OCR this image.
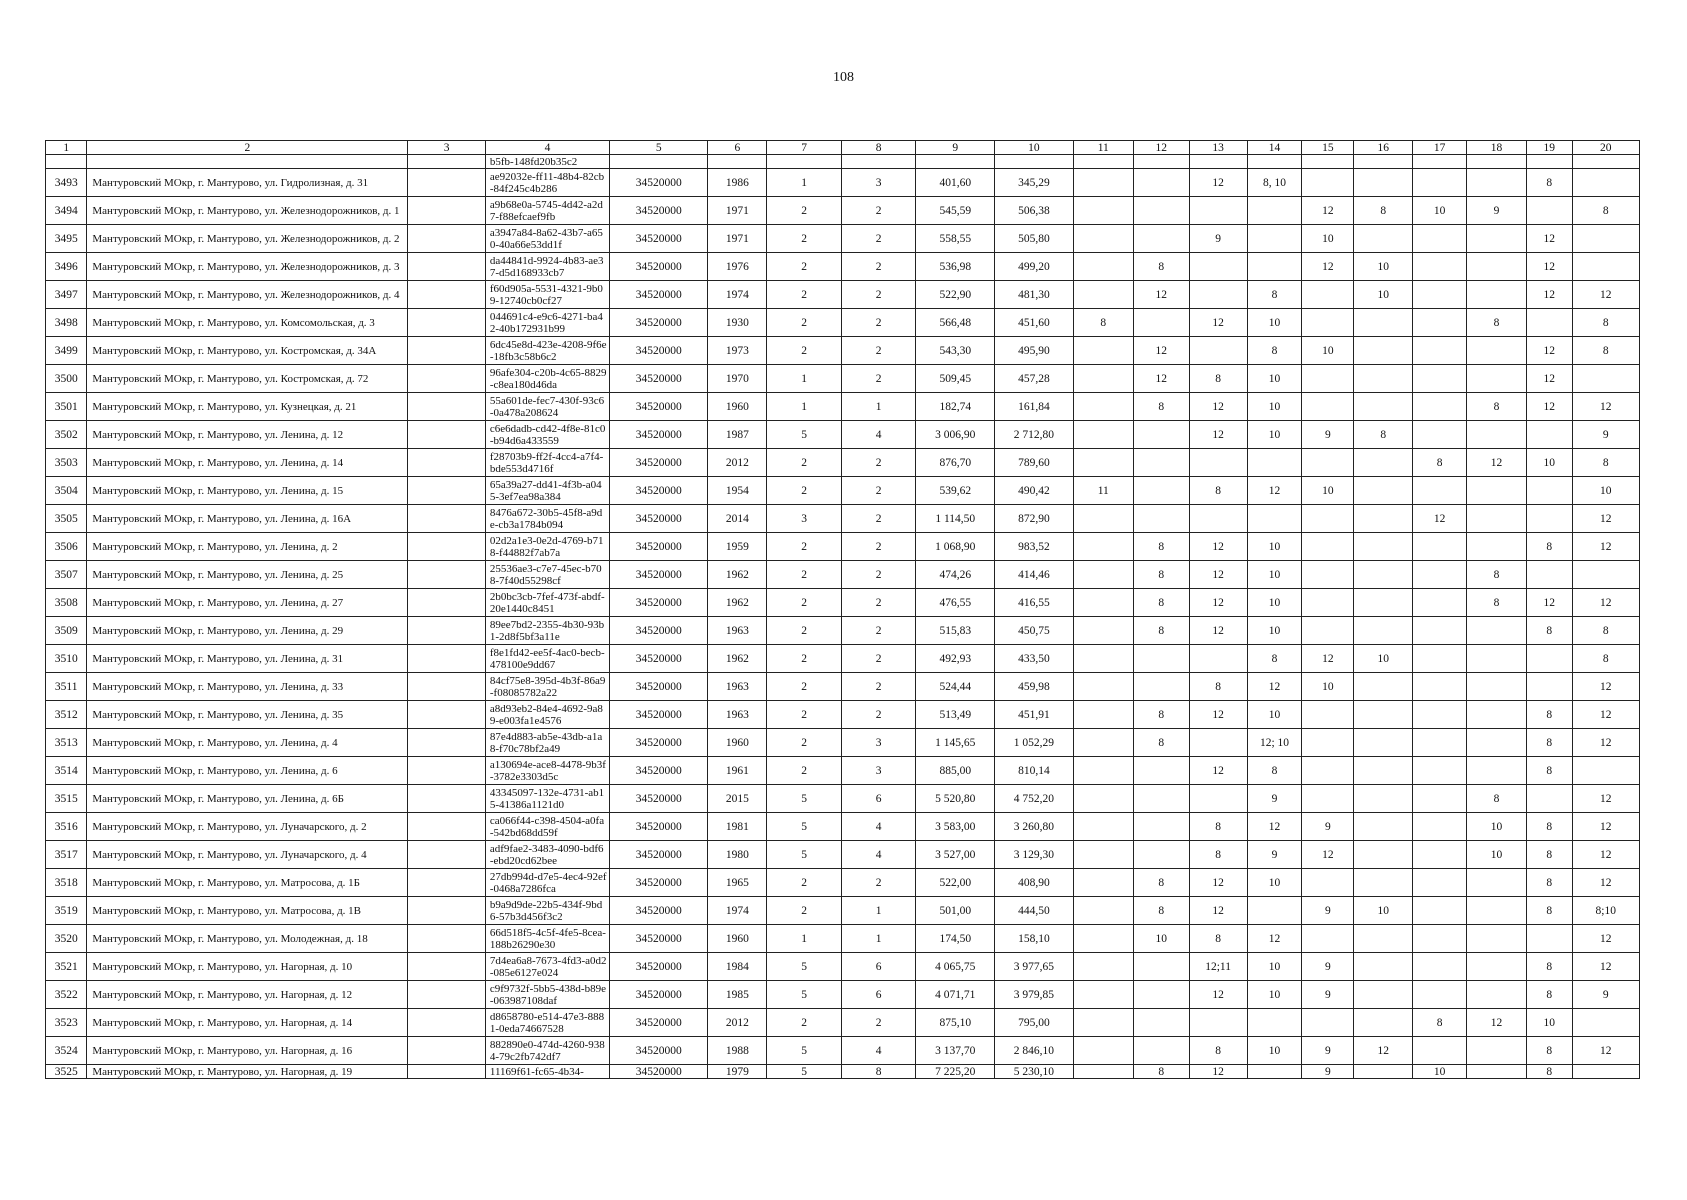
108
1	2	3	4	5	6	7	8	9	10	11	12	13	14	15	16	17	18	19	20
			b5fb-148fd20b35c2																
3493	Мантуровский МОкр, г. Мантурово, ул. Гидролизная, д. 31		ae92032e-ff11-48b4-82cb-84f245c4b286	34520000	1986	1	3	401,60	345,29			12	8, 10					8	
3494	Мантуровский МОкр, г. Мантурово, ул. Железнодорожников, д. 1		a9b68e0a-5745-4d42-a2d7-f88efcaef9fb	34520000	1971	2	2	545,59	506,38					12	8	10	9		8
3495	Мантуровский МОкр, г. Мантурово, ул. Железнодорожников, д. 2		a3947a84-8a62-43b7-a650-40a66e53dd1f	34520000	1971	2	2	558,55	505,80			9		10				12	
3496	Мантуровский МОкр, г. Мантурово, ул. Железнодорожников, д. 3		da44841d-9924-4b83-ae37-d5d168933cb7	34520000	1976	2	2	536,98	499,20		8			12	10			12	
3497	Мантуровский МОкр, г. Мантурово, ул. Железнодорожников, д. 4		f60d905a-5531-4321-9b09-12740cb0cf27	34520000	1974	2	2	522,90	481,30		12		8		10			12	12
3498	Мантуровский МОкр, г. Мантурово, ул. Комсомольская, д. 3		044691c4-e9c6-4271-ba42-40b172931b99	34520000	1930	2	2	566,48	451,60	8		12	10				8		8
3499	Мантуровский МОкр, г. Мантурово, ул. Костромская, д. 34А		6dc45e8d-423e-4208-9f6e-18fb3c58b6c2	34520000	1973	2	2	543,30	495,90		12		8	10				12	8
3500	Мантуровский МОкр, г. Мантурово, ул. Костромская, д. 72		96afe304-c20b-4c65-8829-c8ea180d46da	34520000	1970	1	2	509,45	457,28		12	8	10					12	
3501	Мантуровский МОкр, г. Мантурово, ул. Кузнецкая, д. 21		55a601de-fec7-430f-93c6-0a478a208624	34520000	1960	1	1	182,74	161,84		8	12	10				8	12	12
3502	Мантуровский МОкр, г. Мантурово, ул. Ленина, д. 12		c6e6dadb-cd42-4f8e-81c0-b94d6a433559	34520000	1987	5	4	3 006,90	2 712,80			12	10	9	8				9
3503	Мантуровский МОкр, г. Мантурово, ул. Ленина, д. 14		f28703b9-ff2f-4cc4-a7f4-bde553d4716f	34520000	2012	2	2	876,70	789,60							8	12	10	8
3504	Мантуровский МОкр, г. Мантурово, ул. Ленина, д. 15		65a39a27-dd41-4f3b-a045-3ef7ea98a384	34520000	1954	2	2	539,62	490,42	11		8	12	10					10
3505	Мантуровский МОкр, г. Мантурово, ул. Ленина, д. 16А		8476a672-30b5-45f8-a9de-cb3a1784b094	34520000	2014	3	2	1 114,50	872,90							12			12
3506	Мантуровский МОкр, г. Мантурово, ул. Ленина, д. 2		02d2a1e3-0e2d-4769-b718-f44882f7ab7a	34520000	1959	2	2	1 068,90	983,52		8	12	10					8	12
3507	Мантуровский МОкр, г. Мантурово, ул. Ленина, д. 25		25536ae3-c7e7-45ec-b708-7f40d55298cf	34520000	1962	2	2	474,26	414,46		8	12	10				8		
3508	Мантуровский МОкр, г. Мантурово, ул. Ленина, д. 27		2b0bc3cb-7fef-473f-abdf-20e1440c8451	34520000	1962	2	2	476,55	416,55		8	12	10				8	12	12
3509	Мантуровский МОкр, г. Мантурово, ул. Ленина, д. 29		89ee7bd2-2355-4b30-93b1-2d8f5bf3a11e	34520000	1963	2	2	515,83	450,75		8	12	10					8	8
3510	Мантуровский МОкр, г. Мантурово, ул. Ленина, д. 31		f8e1fd42-ee5f-4ac0-becb-478100e9dd67	34520000	1962	2	2	492,93	433,50				8	12	10				8
3511	Мантуровский МОкр, г. Мантурово, ул. Ленина, д. 33		84cf75e8-395d-4b3f-86a9-f08085782a22	34520000	1963	2	2	524,44	459,98			8	12	10					12
3512	Мантуровский МОкр, г. Мантурово, ул. Ленина, д. 35		a8d93eb2-84e4-4692-9a89-e003fa1e4576	34520000	1963	2	2	513,49	451,91		8	12	10					8	12
3513	Мантуровский МОкр, г. Мантурово, ул. Ленина, д. 4		87e4d883-ab5e-43db-a1a8-f70c78bf2a49	34520000	1960	2	3	1 145,65	1 052,29		8		12; 10					8	12
3514	Мантуровский МОкр, г. Мантурово, ул. Ленина, д. 6		a130694e-ace8-4478-9b3f-3782e3303d5c	34520000	1961	2	3	885,00	810,14			12	8					8	
3515	Мантуровский МОкр, г. Мантурово, ул. Ленина, д. 6Б		43345097-132e-4731-ab15-41386a1121d0	34520000	2015	5	6	5 520,80	4 752,20				9				8		12
3516	Мантуровский МОкр, г. Мантурово, ул. Луначарского, д. 2		ca066f44-c398-4504-a0fa-542bd68dd59f	34520000	1981	5	4	3 583,00	3 260,80			8	12	9			10	8	12
3517	Мантуровский МОкр, г. Мантурово, ул. Луначарского, д. 4		adf9fae2-3483-4090-bdf6-ebd20cd62bee	34520000	1980	5	4	3 527,00	3 129,30			8	9	12			10	8	12
3518	Мантуровский МОкр, г. Мантурово, ул. Матросова, д. 1Б		27db994d-d7e5-4ec4-92ef-0468a7286fca	34520000	1965	2	2	522,00	408,90		8	12	10					8	12
3519	Мантуровский МОкр, г. Мантурово, ул. Матросова, д. 1В		b9a9d9de-22b5-434f-9bd6-57b3d456f3c2	34520000	1974	2	1	501,00	444,50		8	12		9	10			8	8;10
3520	Мантуровский МОкр, г. Мантурово, ул. Молодежная, д. 18		66d518f5-4c5f-4fe5-8cea-188b26290e30	34520000	1960	1	1	174,50	158,10		10	8	12						12
3521	Мантуровский МОкр, г. Мантурово, ул. Нагорная, д. 10		7d4ea6a8-7673-4fd3-a0d2-085e6127e024	34520000	1984	5	6	4 065,75	3 977,65			12;11	10	9				8	12
3522	Мантуровский МОкр, г. Мантурово, ул. Нагорная, д. 12		c9f9732f-5bb5-438d-b89e-063987108daf	34520000	1985	5	6	4 071,71	3 979,85			12	10	9				8	9
3523	Мантуровский МОкр, г. Мантурово, ул. Нагорная, д. 14		d8658780-e514-47e3-8881-0eda74667528	34520000	2012	2	2	875,10	795,00							8	12	10	
3524	Мантуровский МОкр, г. Мантурово, ул. Нагорная, д. 16		882890e0-474d-4260-9384-79c2fb742df7	34520000	1988	5	4	3 137,70	2 846,10			8	10	9	12			8	12
3525	Мантуровский МОкр, г. Мантурово, ул. Нагорная, д. 19		11169f61-fc65-4b34-	34520000	1979	5	8	7 225,20	5 230,10		8	12		9		10		8	
